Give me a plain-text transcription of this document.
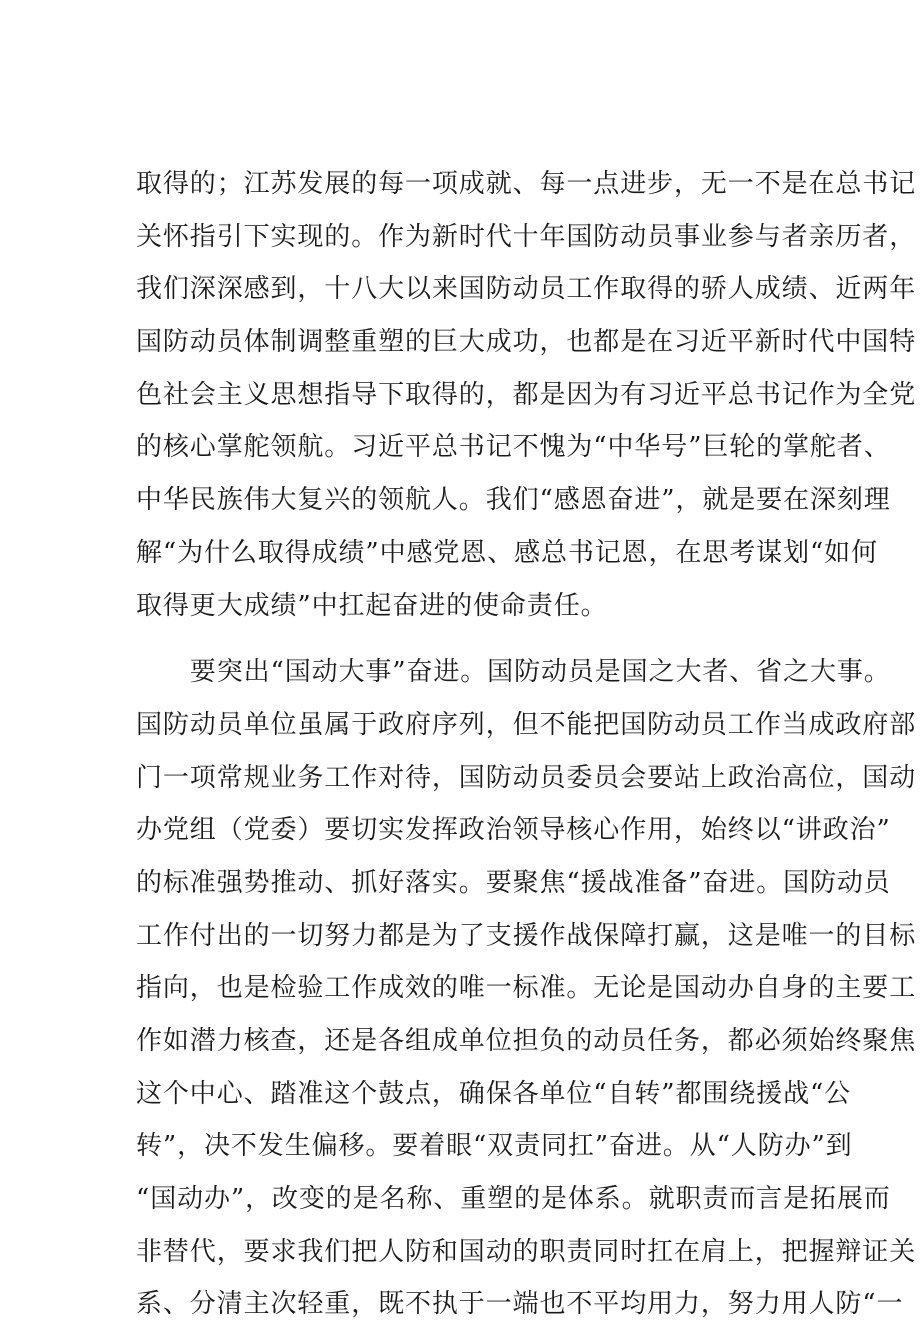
取得的；江苏发展的每一项成就、每一点进步，无一不是在总书记
关怀指引下实现的。作为新时代十年国防动员事业参与者亲历者，
我们深深感到，十八大以来国防动员工作取得的骄人成绩、近两年
国防动员体制调整重塑的巨大成功，也都是在习近平新时代中国特
色社会主义思想指导下取得的，都是因为有习近平总书记作为全党
的核心掌舵领航。习近平总书记不愧为“中华号”巨轮的掌舵者、
中华民族伟大复兴的领航人。我们“感恩奋进”，就是要在深刻理
解“为什么取得成绩”中感党恩、感总书记恩，在思考谋划“如何
取得更大成绩”中扛起奋进的使命责任。
　　要突出“国动大事”奋进。国防动员是国之大者、省之大事。
国防动员单位虽属于政府序列，但不能把国防动员工作当成政府部
门一项常规业务工作对待，国防动员委员会要站上政治高位，国动
办党组（党委）要切实发挥政治领导核心作用，始终以“讲政治”
的标准强势推动、抓好落实。要聚焦“援战准备”奋进。国防动员
工作付出的一切努力都是为了支援作战保障打赢，这是唯一的目标
指向，也是检验工作成效的唯一标准。无论是国动办自身的主要工
作如潜力核查，还是各组成单位担负的动员任务，都必须始终聚焦
这个中心、踏准这个鼓点，确保各单位“自转”都围绕援战“公
转”，决不发生偏移。要着眼“双责同扛”奋进。从“人防办”到
“国动办”，改变的是名称、重塑的是体系。就职责而言是拓展而
非替代，要求我们把人防和国动的职责同时扛在肩上，把握辩证关
系、分清主次轻重，既不执于一端也不平均用力，努力用人防“一
